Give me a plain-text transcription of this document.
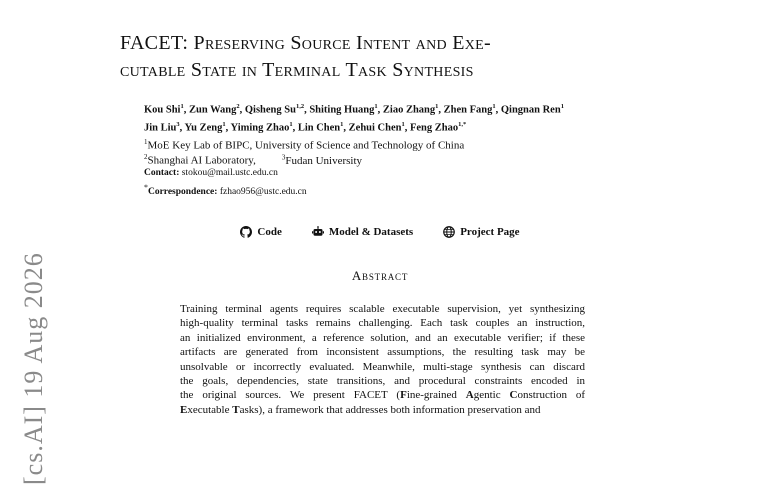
[cs.AI] 19 Aug 2026
FACET: Preserving Source Intent and Exe-
cutable State in Terminal Task Synthesis
Kou Shi$^1$, Zun Wang$^2$, Qisheng Su$^{1,2}$, Shiting Huang$^1$, Ziao Zhang$^1$, Zhen Fang$^1$, Qingnan Ren$^1$
Jin Liu$^3$, Yu Zeng$^1$, Yiming Zhao$^1$, Lin Chen$^1$, Zehui Chen$^1$, Feng Zhao$^{1,*}$
$^1$MoE Key Lab of BIPC, University of Science and Technology of China
$^2$Shanghai AI Laboratory,	$^3$Fudan University
Contact: stokou@mail.ustc.edu.cn
*Correspondence: fzhao956@ustc.edu.cn
Code	Model & Datasets	Project Page
Abstract

Training terminal agents requires scalable executable supervision, yet synthesizing
high-quality terminal tasks remains challenging. Each task couples an instruction,
an initialized environment, a reference solution, and an executable verifier; if these
artifacts are generated from inconsistent assumptions, the resulting task may be
unsolvable or incorrectly evaluated. Meanwhile, multi-stage synthesis can discard
the goals, dependencies, state transitions, and procedural constraints encoded in
the original sources. We present FACET (Fine-grained Agentic Construction of
Executable Tasks), a framework that addresses both information preservation and
